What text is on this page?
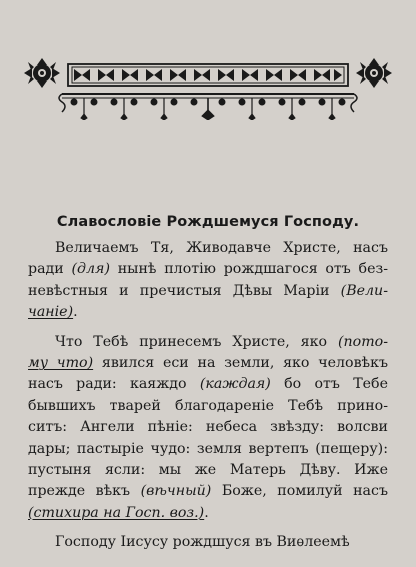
Славословіе Рождшемуся Господу.
Величаемъ Тя, Живодавче Христе, насъ
ради (для) нынѣ плотію рождшагося отъ без-
невѣстныя и пречистыя Дѣвы Маріи (Вели-
чаніе).
Что Тебѣ принесемъ Христе, яко (пото-
му что) явился еси на земли, яко человѣкъ
насъ ради: каяждо (каждая) бо отъ Тебе
бывшихъ тварей благодареніе Тебѣ прино-
ситъ: Ангели пѣніе: небеса звѣзду: волсви
дары; пастыріе чудо: земля вертепъ (пещеру):
пустыня ясли: мы же Матерь Дѣву. Иже
прежде вѣкъ (вѣчный) Боже, помилуй насъ
(стихира на Госп. воз.).
Господу Іисусу рождшуся въ Виѳлеемѣ
